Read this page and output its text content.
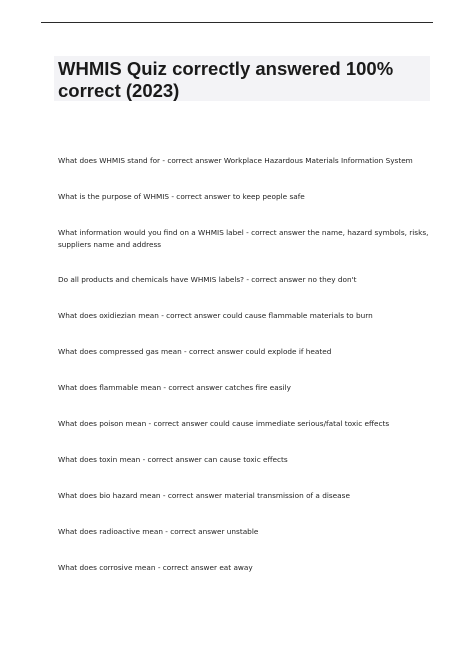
WHMIS Quiz correctly answered 100% correct (2023)

What does WHMIS stand for - correct answer Workplace Hazardous Materials Information System

What is the purpose of WHMIS - correct answer to keep people safe

What information would you find on a WHMIS label - correct answer the name, hazard symbols, risks, suppliers name and address

Do all products and chemicals have WHMIS labels? - correct answer no they don't

What does oxidiezian mean - correct answer could cause flammable materials to burn

What does compressed gas mean - correct answer could explode if heated

What does flammable mean - correct answer catches fire easily

What does poison mean - correct answer could cause immediate serious/fatal toxic effects

What does toxin mean - correct answer can cause toxic effects

What does bio hazard mean - correct answer material transmission of a disease

What does radioactive mean - correct answer unstable

What does corrosive mean - correct answer eat away
